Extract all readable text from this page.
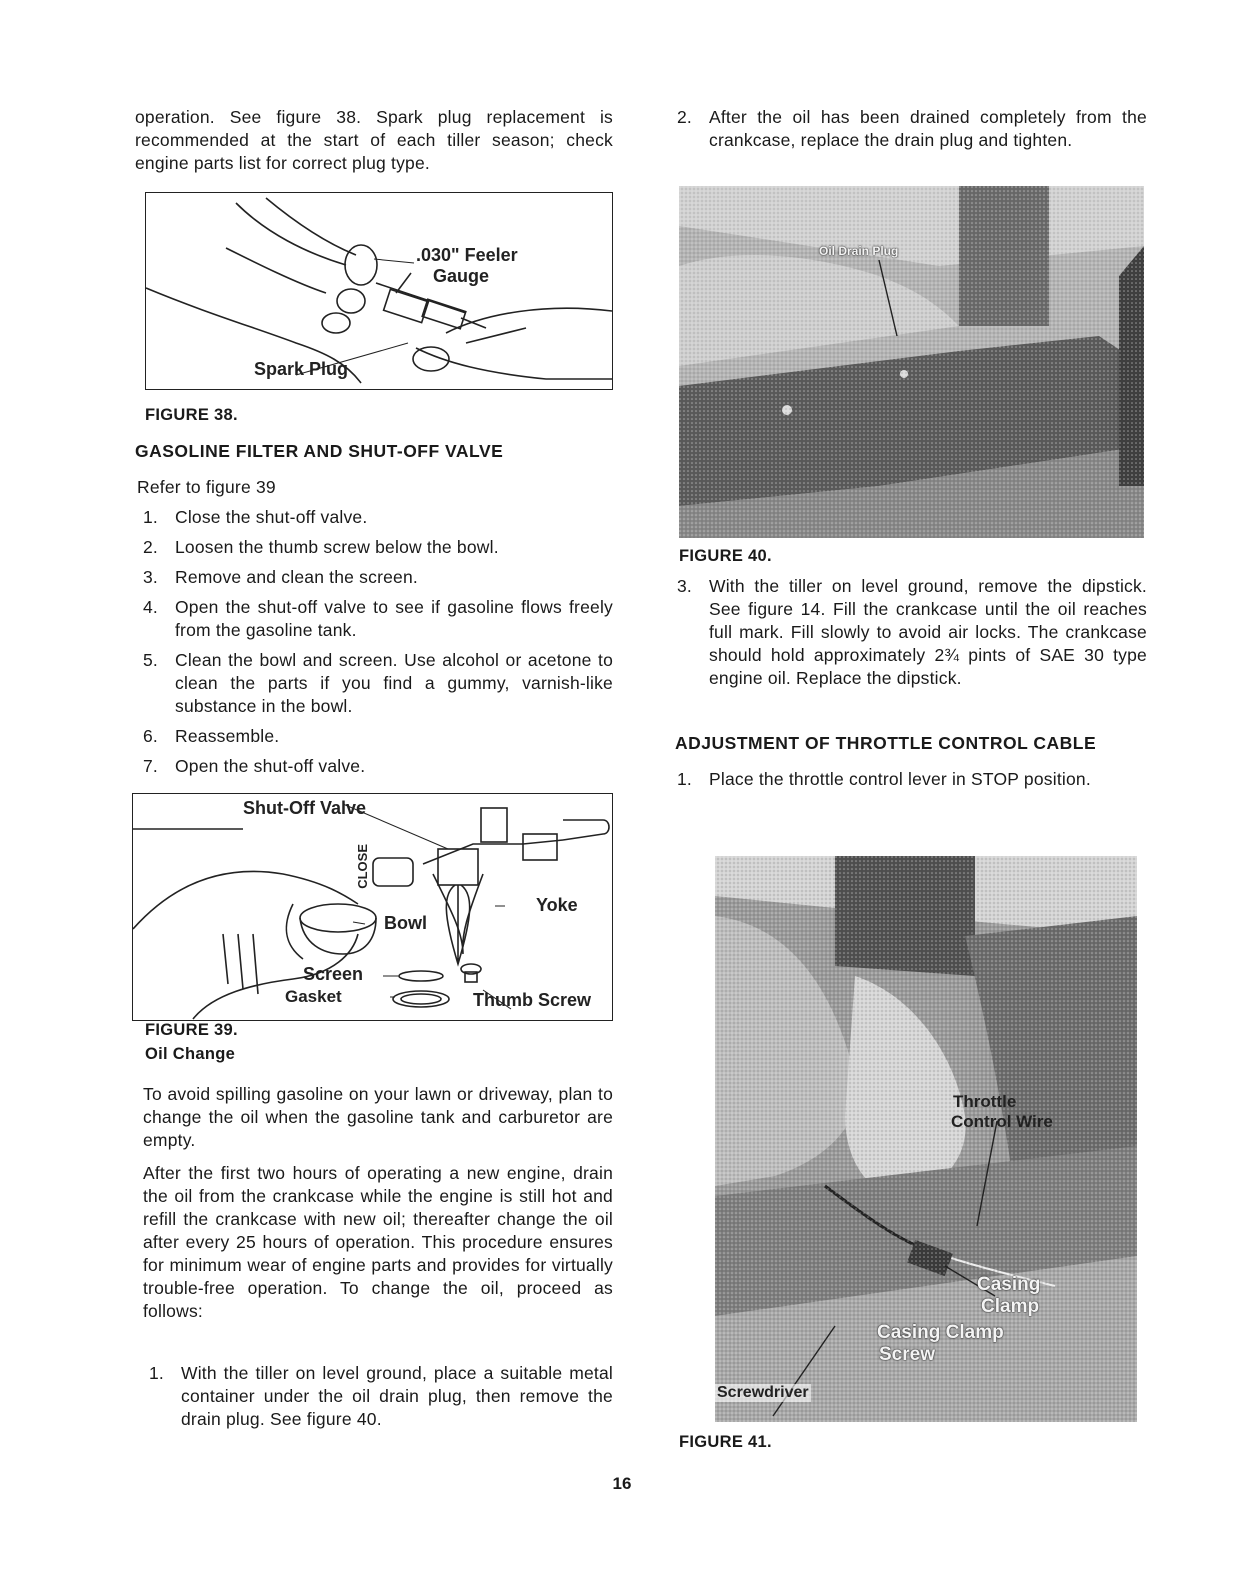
operation. See figure 38. Spark plug replacement is recommended at the start of each tiller season; check engine parts list for correct plug type.

.030" Feeler
Gauge
Spark Plug

FIGURE 38.

GASOLINE FILTER AND SHUT-OFF VALVE

Refer to figure 39

1. Close the shut-off valve.
2. Loosen the thumb screw below the bowl.
3. Remove and clean the screen.
4. Open the shut-off valve to see if gasoline flows freely from the gasoline tank.
5. Clean the bowl and screen. Use alcohol or acetone to clean the parts if you find a gummy, varnish-like substance in the bowl.
6. Reassemble.
7. Open the shut-off valve.
Shut-Off Valve
CLOSE
Yoke
Bowl
Screen
Gasket	Thumb Screw

FIGURE 39.

Oil Change

To avoid spilling gasoline on your lawn or driveway, plan to change the oil when the gasoline tank and carburetor are empty.

After the first two hours of operating a new engine, drain the oil from the crankcase while the engine is still hot and refill the crankcase with new oil; thereafter change the oil after every 25 hours of operation. This procedure ensures for minimum wear of engine parts and provides for virtually trouble-free operation. To change the oil, proceed as follows:

1. With the tiller on level ground, place a suitable metal container under the oil drain plug, then remove the drain plug. See figure 40.
2. After the oil has been drained completely from the crankcase, replace the drain plug and tighten.
Oil Drain Plug

FIGURE 40.

3. With the tiller on level ground, remove the dipstick. See figure 14. Fill the crankcase until the oil reaches full mark. Fill slowly to avoid air locks. The crankcase should hold approximately 2¾ pints of SAE 30 type engine oil. Replace the dipstick.

ADJUSTMENT OF THROTTLE CONTROL CABLE

1. Place the throttle control lever in STOP position.
Throttle
Control Wire
Casing
Clamp
Casing Clamp
Screw
Screwdriver

FIGURE 41.

16
